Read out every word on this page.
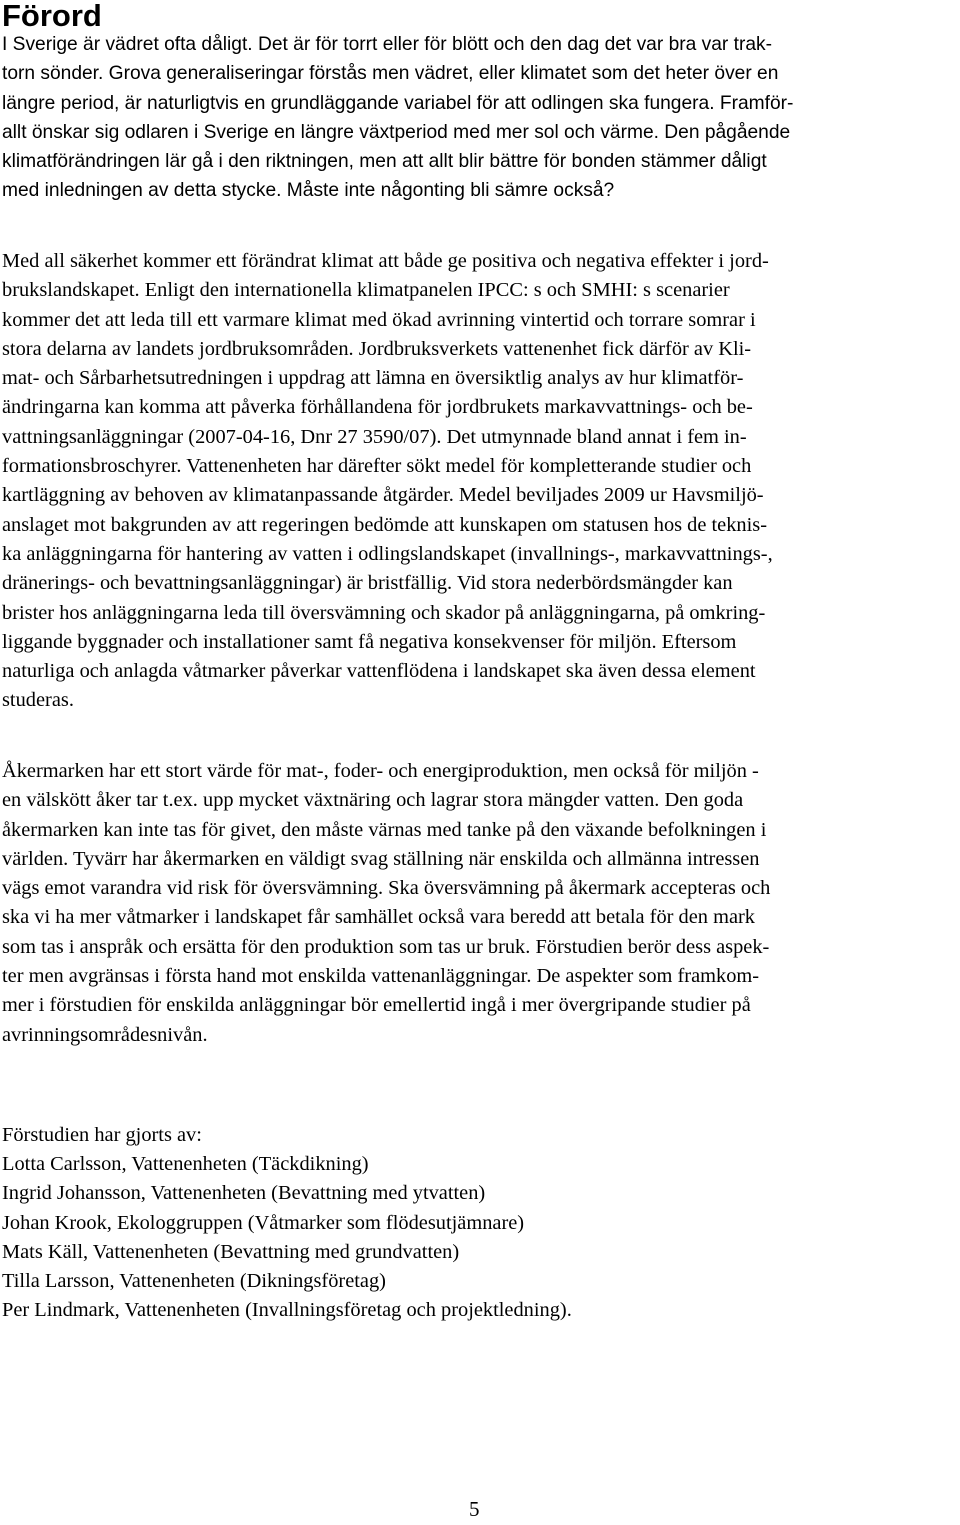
Förord
I Sverige är vädret ofta dåligt. Det är för torrt eller för blött och den dag det var bra var trak-
torn sönder. Grova generaliseringar förstås men vädret, eller klimatet som det heter över en
längre period, är naturligtvis en grundläggande variabel för att odlingen ska fungera. Framför-
allt önskar sig odlaren i Sverige en längre växtperiod med mer sol och värme. Den pågående
klimatförändringen lär gå i den riktningen, men att allt blir bättre för bonden stämmer dåligt
med inledningen av detta stycke. Måste inte någonting bli sämre också?
Med all säkerhet kommer ett förändrat klimat att både ge positiva och negativa effekter i jord-
brukslandskapet. Enligt den internationella klimatpanelen IPCC: s och SMHI: s scenarier
kommer det att leda till ett varmare klimat med ökad avrinning vintertid och torrare somrar i
stora delarna av landets jordbruksområden. Jordbruksverkets vattenenhet fick därför av Kli-
mat- och Sårbarhetsutredningen i uppdrag att lämna en översiktlig analys av hur klimatför-
ändringarna kan komma att påverka förhållandena för jordbrukets markavvattnings- och be-
vattningsanläggningar (2007-04-16, Dnr 27 3590/07). Det utmynnade bland annat i fem in-
formationsbroschyrer. Vattenenheten har därefter sökt medel för kompletterande studier och
kartläggning av behoven av klimatanpassande åtgärder. Medel beviljades 2009 ur Havsmiljö-
anslaget mot bakgrunden av att regeringen bedömde att kunskapen om statusen hos de teknis-
ka anläggningarna för hantering av vatten i odlingslandskapet (invallnings-, markavvattnings-,
dränerings- och bevattningsanläggningar) är bristfällig. Vid stora nederbördsmängder kan
brister hos anläggningarna leda till översvämning och skador på anläggningarna, på omkring-
liggande byggnader och installationer samt få negativa konsekvenser för miljön. Eftersom
naturliga och anlagda våtmarker påverkar vattenflödena i landskapet ska även dessa element
studeras.
Åkermarken har ett stort värde för mat-, foder- och energiproduktion, men också för miljön -
en välskött åker tar t.ex. upp mycket växtnäring och lagrar stora mängder vatten. Den goda
åkermarken kan inte tas för givet, den måste värnas med tanke på den växande befolkningen i
världen. Tyvärr har åkermarken en väldigt svag ställning när enskilda och allmänna intressen
vägs emot varandra vid risk för översvämning. Ska översvämning på åkermark accepteras och
ska vi ha mer våtmarker i landskapet får samhället också vara beredd att betala för den mark
som tas i anspråk och ersätta för den produktion som tas ur bruk. Förstudien berör dess aspek-
ter men avgränsas i första hand mot enskilda vattenanläggningar. De aspekter som framkom-
mer i förstudien för enskilda anläggningar bör emellertid ingå i mer övergripande studier på
avrinningsområdesnivån.
Förstudien har gjorts av:
Lotta Carlsson, Vattenenheten (Täckdikning)
Ingrid Johansson, Vattenenheten (Bevattning med ytvatten)
Johan Krook, Ekologgruppen (Våtmarker som flödesutjämnare)
Mats Käll, Vattenenheten (Bevattning med grundvatten)
Tilla Larsson, Vattenenheten (Dikningsföretag)
Per Lindmark, Vattenenheten (Invallningsföretag och projektledning).

5
